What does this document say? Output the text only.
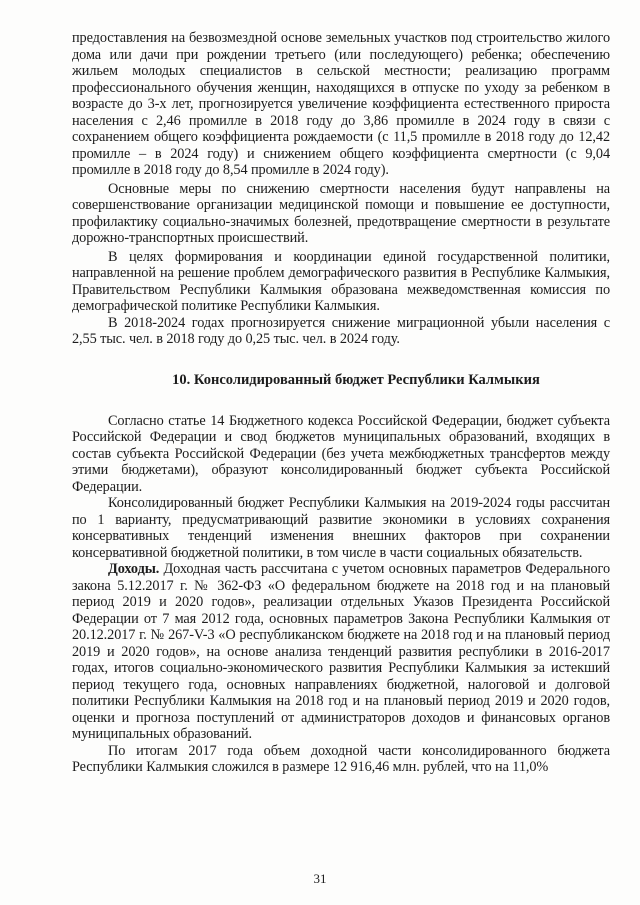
предоставления на безвозмездной основе земельных участков под строительство жилого дома или дачи при рождении третьего (или последующего) ребенка; обеспечению жильем молодых специалистов в сельской местности; реализацию программ профессионального обучения женщин, находящихся в отпуске по уходу за ребенком в возрасте до 3-х лет, прогнозируется увеличение коэффициента естественного прироста населения с 2,46 промилле в 2018 году до 3,86 промилле в 2024 году в связи с сохранением общего коэффициента рождаемости (с 11,5 промилле в 2018 году до 12,42 промилле – в 2024 году) и снижением общего коэффициента смертности (с 9,04 промилле в 2018 году до 8,54 промилле в 2024 году).

Основные меры по снижению смертности населения будут направлены на совершенствование организации медицинской помощи и повышение ее доступности, профилактику социально-значимых болезней, предотвращение смертности в результате дорожно-транспортных происшествий.

В целях формирования и координации единой государственной политики, направленной на решение проблем демографического развития в Республике Калмыкия, Правительством Республики Калмыкия образована межведомственная комиссия по демографической политике Республики Калмыкия.

В 2018-2024 годах прогнозируется снижение миграционной убыли населения с 2,55 тыс. чел. в 2018 году до 0,25 тыс. чел. в 2024 году.

10. Консолидированный бюджет Республики Калмыкия

Согласно статье 14 Бюджетного кодекса Российской Федерации, бюджет субъекта Российской Федерации и свод бюджетов муниципальных образований, входящих в состав субъекта Российской Федерации (без учета межбюджетных трансфертов между этими бюджетами), образуют консолидированный бюджет субъекта Российской Федерации.

Консолидированный бюджет Республики Калмыкия на 2019-2024 годы рассчитан по 1 варианту, предусматривающий развитие экономики в условиях сохранения консервативных тенденций изменения внешних факторов при сохранении консервативной бюджетной политики, в том числе в части социальных обязательств.

Доходы. Доходная часть рассчитана с учетом основных параметров Федерального закона 5.12.2017 г. № 362-ФЗ «О федеральном бюджете на 2018 год и на плановый период 2019 и 2020 годов», реализации отдельных Указов Президента Российской Федерации от 7 мая 2012 года, основных параметров Закона Республики Калмыкия от 20.12.2017 г. № 267-V-3 «О республиканском бюджете на 2018 год и на плановый период 2019 и 2020 годов», на основе анализа тенденций развития республики в 2016-2017 годах, итогов социально-экономического развития Республики Калмыкия за истекший период текущего года, основных направлениях бюджетной, налоговой и долговой политики Республики Калмыкия на 2018 год и на плановый период 2019 и 2020 годов, оценки и прогноза поступлений от администраторов доходов и финансовых органов муниципальных образований.

По итогам 2017 года объем доходной части консолидированного бюджета Республики Калмыкия сложился в размере 12 916,46 млн. рублей, что на 11,0%

31
